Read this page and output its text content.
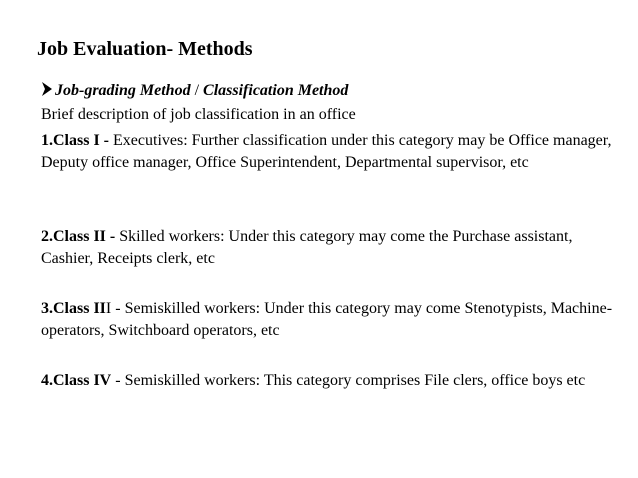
Job Evaluation- Methods
Job-grading Method / Classification Method
Brief description of job classification in an office
1.Class I - Executives: Further classification under this category may be Office manager, Deputy office manager, Office Superintendent, Departmental supervisor, etc
2.Class II - Skilled workers: Under this category may come the Purchase assistant, Cashier, Receipts clerk, etc
3.Class III - Semiskilled workers: Under this category may come Stenotypists, Machine-operators, Switchboard operators, etc
4.Class IV - Semiskilled workers: This category comprises File clers, office boys etc
